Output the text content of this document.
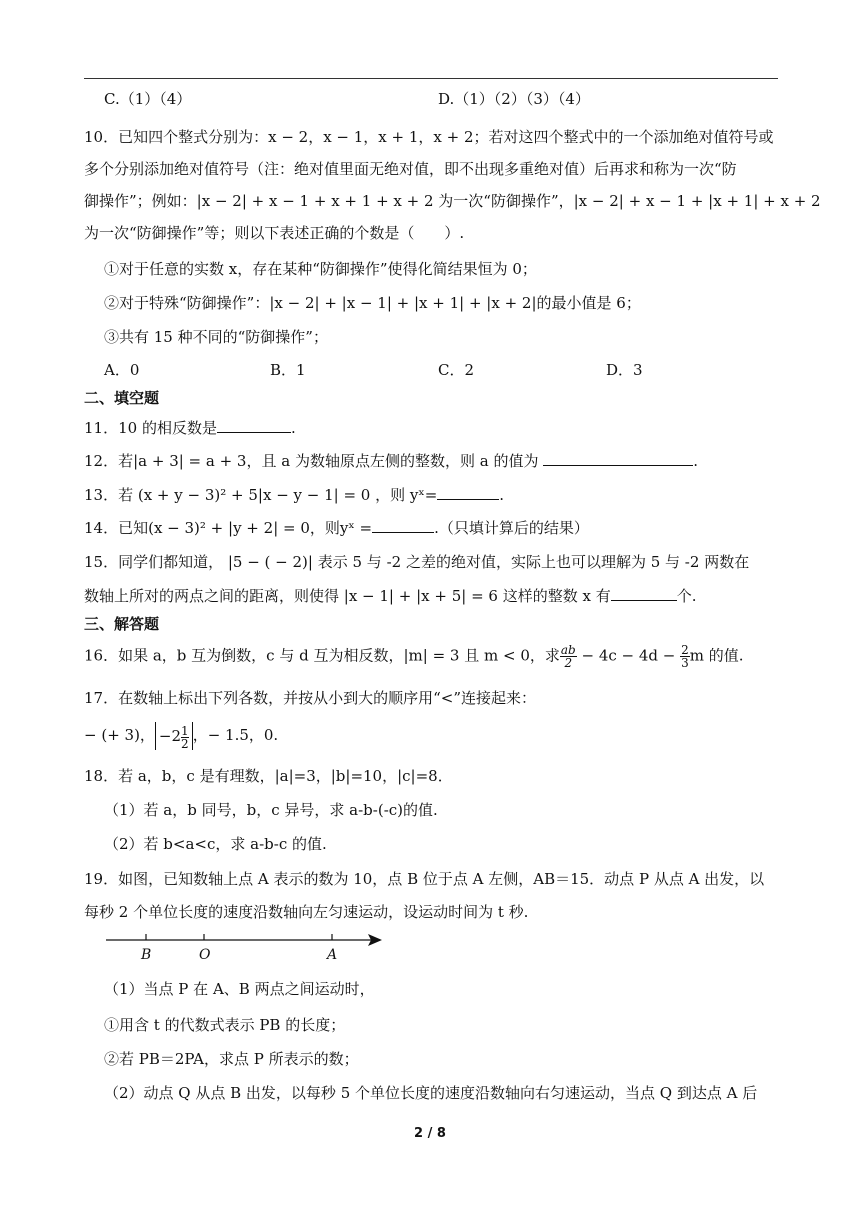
C.（1）（4）	D.（1）（2）（3）（4）
10．已知四个整式分别为：x − 2，x − 1，x + 1，x + 2；若对这四个整式中的一个添加绝对值符号或
多个分别添加绝对值符号（注：绝对值里面无绝对值，即不出现多重绝对值）后再求和称为一次“防
御操作”；例如：|x − 2| + x − 1 + x + 1 + x + 2 为一次“防御操作”，|x − 2| + x − 1 + |x + 1| + x + 2
为一次“防御操作”等；则以下表述正确的个数是（　　）.
①对于任意的实数 x，存在某种“防御操作”使得化简结果恒为 0；
②对于特殊“防御操作”：|x − 2| + |x − 1| + |x + 1| + |x + 2|的最小值是 6；
③共有 15 种不同的“防御操作”；
A．0	B．1	C．2	D．3
二、填空题
11．10 的相反数是	.
12．若|a + 3| = a + 3，且 a 为数轴原点左侧的整数，则 a 的值为	.
13．若 (x + y − 3)² + 5|x − y − 1| = 0 ，则 yˣ=	.
14．已知(x − 3)² + |y + 2| = 0，则yˣ =	.（只填计算后的结果）
15．同学们都知道， |5 − ( − 2)| 表示 5 与 -2 之差的绝对值，实际上也可以理解为 5 与 -2 两数在
数轴上所对的两点之间的距离，则使得 |x − 1| + |x + 5| = 6 这样的整数 x 有	个.
三、解答题
16．如果 a，b 互为倒数，c 与 d 互为相反数，|m| = 3 且 m < 0，求 $\frac{ab}{2} - 4c - 4d - \frac{2}{3}$ m 的值.
17．在数轴上标出下列各数，并按从小到大的顺序用“<”连接起来：
− (+ 3)， $-2 \frac{1}{2}$ ，− 1.5，0.
18．若 a，b，c 是有理数，|a|=3，|b|=10，|c|=8．
（1）若 a，b 同号，b，c 异号，求 a-b-(-c)的值.
（2）若 b<a<c，求 a-b-c 的值.
19．如图，已知数轴上点 A 表示的数为 10，点 B 位于点 A 左侧，AB＝15．动点 P 从点 A 出发，以
每秒 2 个单位长度的速度沿数轴向左匀速运动，设运动时间为 t 秒.
B	O	A
（1）当点 P 在 A、B 两点之间运动时，
①用含 t 的代数式表示 PB 的长度；
②若 PB＝2PA，求点 P 所表示的数；
（2）动点 Q 从点 B 出发，以每秒 5 个单位长度的速度沿数轴向右匀速运动，当点 Q 到达点 A 后
2 / 8
